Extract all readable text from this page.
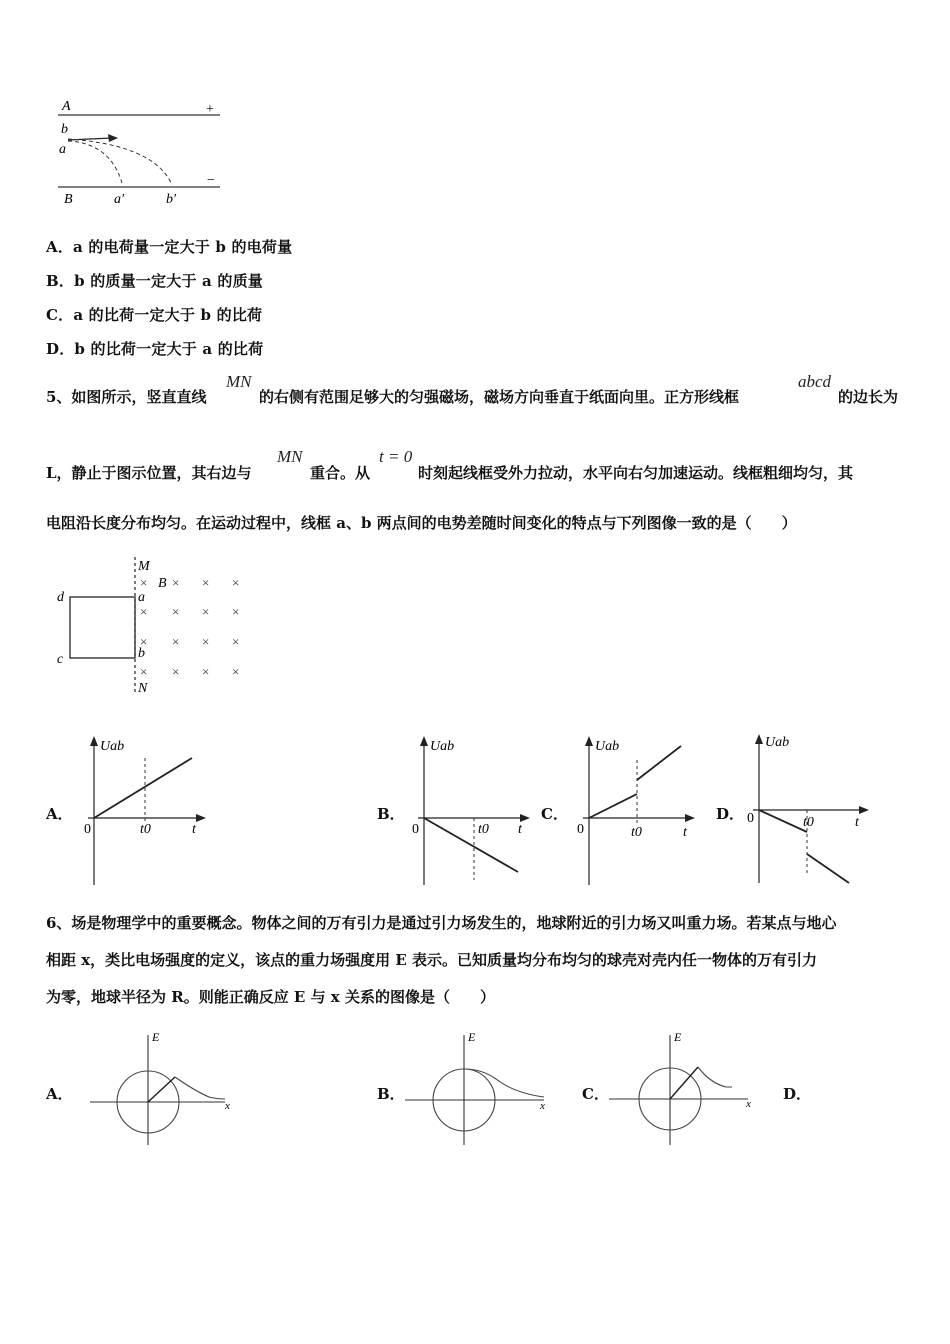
A	+
b
a
−
B	a′	b′
A．a 的电荷量一定大于 b 的电荷量
B．b 的质量一定大于 a 的质量
C．a 的比荷一定大于 b 的比荷
D．b 的比荷一定大于 a 的比荷
5、如图所示，竖直直线
MN
的右侧有范围足够大的匀强磁场，磁场方向垂直于纸面向里。正方形线框
abcd
的边长为
L，静止于图示位置，其右边与
MN
重合。从
t = 0
时刻起线框受外力拉动，水平向右匀加速运动。线框粗细均匀，其
电阻沿长度分布均匀。在运动过程中，线框 a、b 两点间的电势差随时间变化的特点与下列图像一致的是（　　）
M
N
d
c
a
b
B
× × × ×
× × × ×
× × × ×
× × × ×
A．
Uab
0	t0	t
B．
Uab
0	t0 t
C．
Uab
0	t0	t
D．
Uab
0	t0	t
6、场是物理学中的重要概念。物体之间的万有引力是通过引力场发生的，地球附近的引力场又叫重力场。若某点与地心
相距 x，类比电场强度的定义，该点的重力场强度用 E 表示。已知质量均分布均匀的球壳对壳内任一物体的万有引力
为零，地球半径为 R。则能正确反应 E 与 x 关系的图像是（　　）
A．
E
x
B．
E
x
C．
E
x
D．
